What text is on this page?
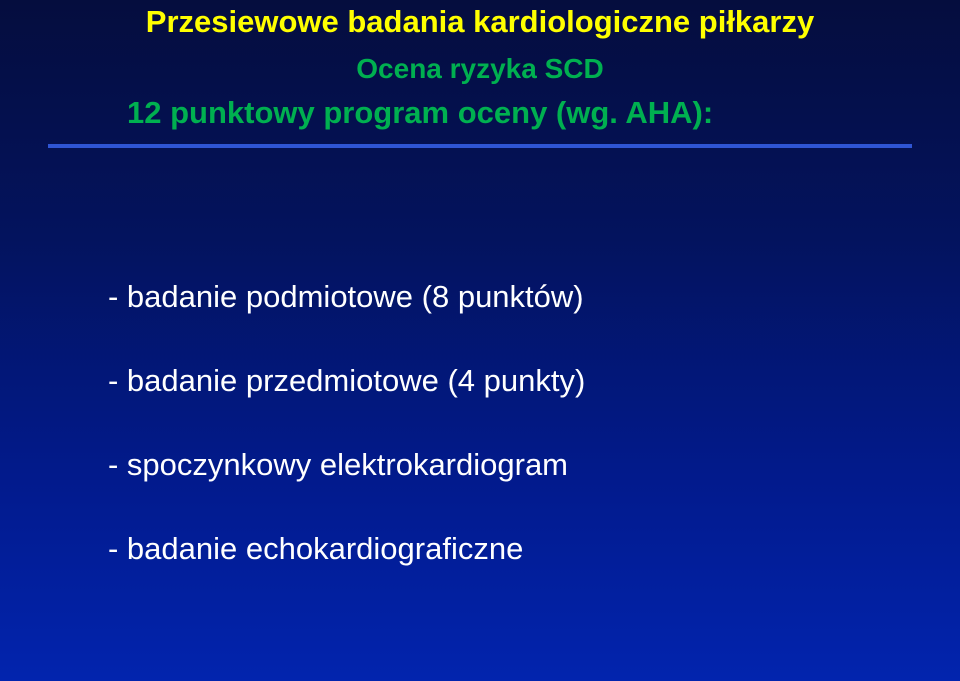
Przesiewowe badania kardiologiczne piłkarzy
Ocena ryzyka SCD
12 punktowy program oceny (wg. AHA):
- badanie podmiotowe (8 punktów)
- badanie przedmiotowe (4 punkty)
- spoczynkowy elektrokardiogram
- badanie echokardiograficzne
